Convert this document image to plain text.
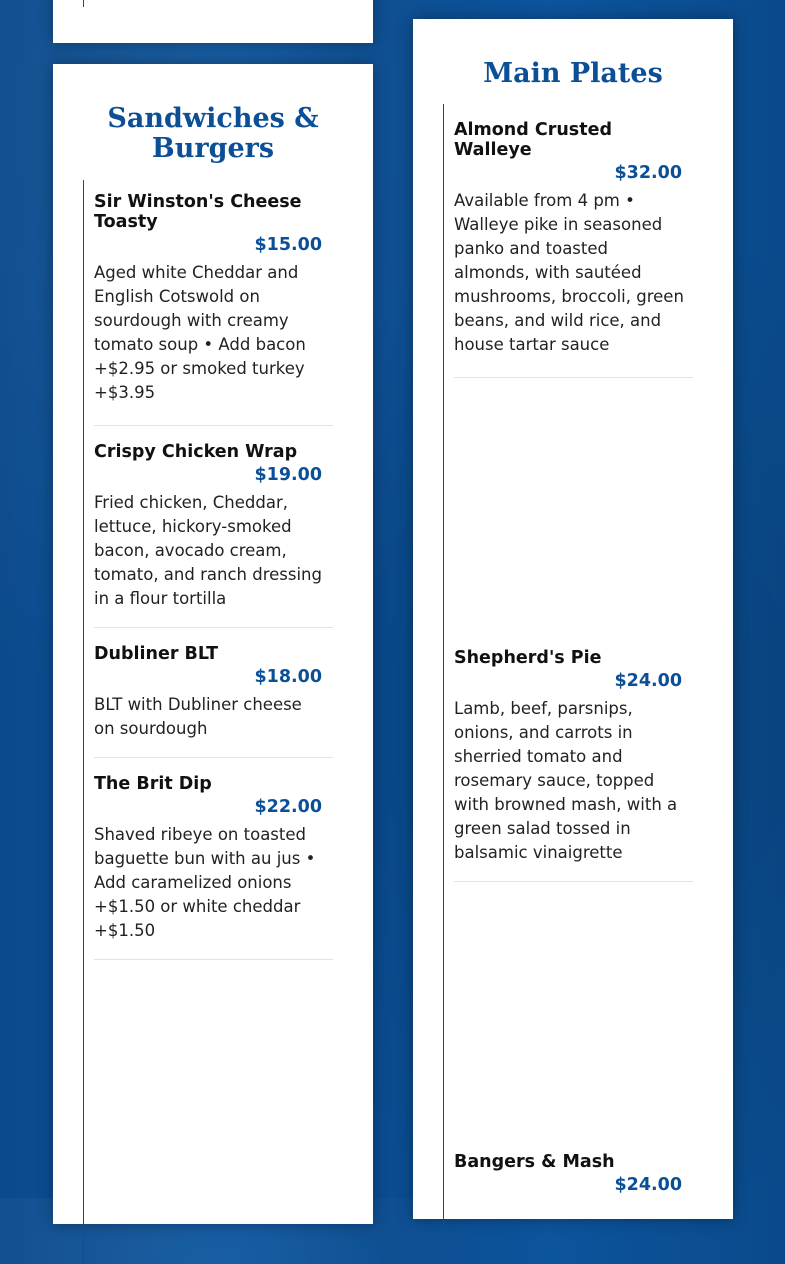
Sandwiches & Burgers
Sir Winston's Cheese Toasty
$15.00

Aged white Cheddar and English Cotswold on sourdough with creamy tomato soup • Add bacon +$2.95 or smoked turkey +$3.95

Crispy Chicken Wrap
$19.00

Fried chicken, Cheddar, lettuce, hickory-smoked bacon, avocado cream, tomato, and ranch dressing in a flour tortilla

Dubliner BLT
$18.00

BLT with Dubliner cheese on sourdough

The Brit Dip
$22.00

Shaved ribeye on toasted baguette bun with au jus • Add caramelized onions +$1.50 or white cheddar +$1.50

Main Plates
Almond Crusted Walleye
$32.00

Available from 4 pm • Walleye pike in seasoned panko and toasted almonds, with sautéed mushrooms, broccoli, green beans, and wild rice, and house tartar sauce

Shepherd's Pie
$24.00

Lamb, beef, parsnips, onions, and carrots in sherried tomato and rosemary sauce, topped with browned mash, with a green salad tossed in balsamic vinaigrette

Bangers & Mash
$24.00
